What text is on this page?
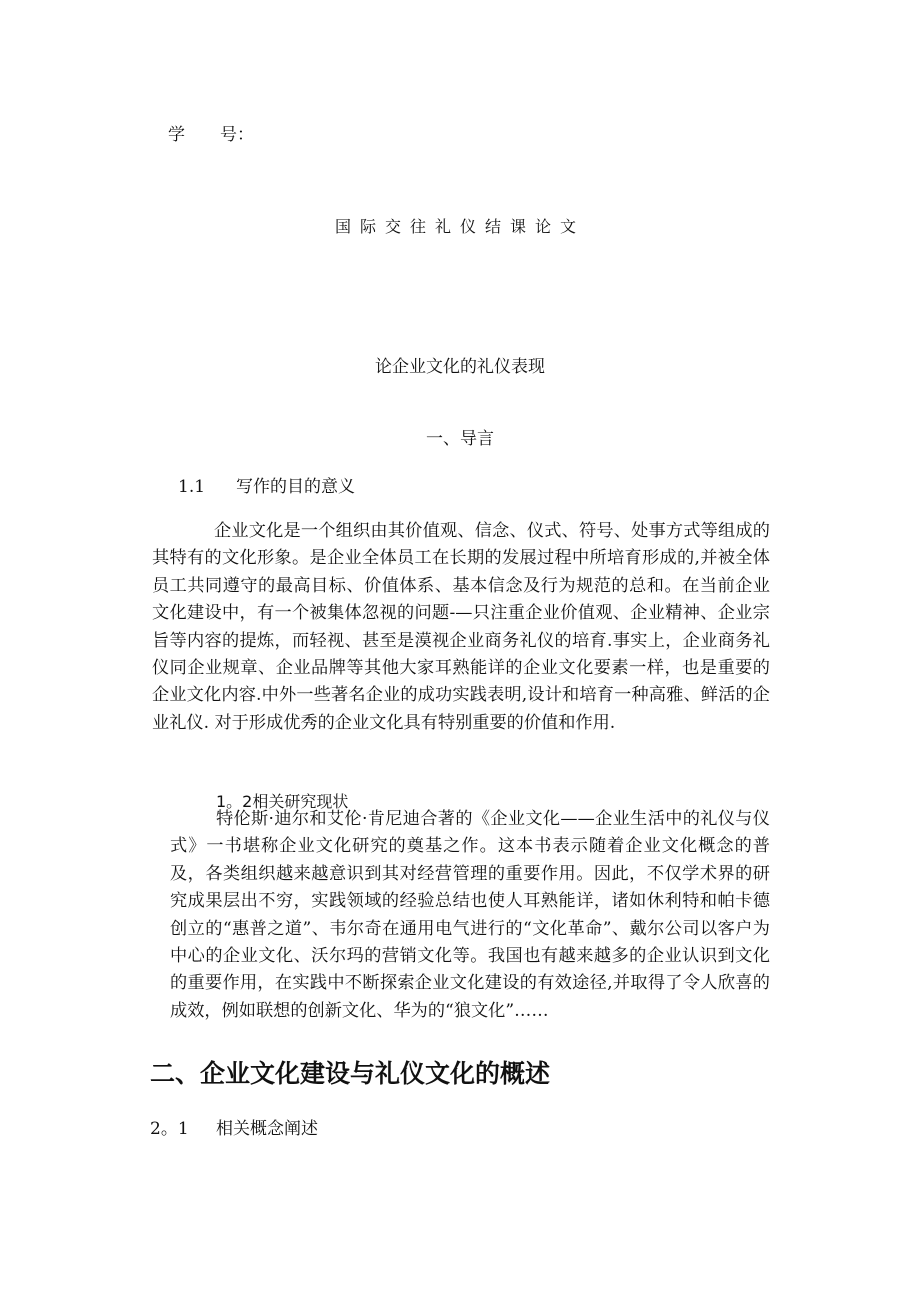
学 号：
国际交往礼仪结课论文
论企业文化的礼仪表现
一、导言
1.1 写作的目的意义

企业文化是一个组织由其价值观、信念、仪式、符号、处事方式等组成的其特有的文化形象。是企业全体员工在长期的发展过程中所培育形成的,并被全体员工共同遵守的最高目标、价值体系、基本信念及行为规范的总和。在当前企业文化建设中，有一个被集体忽视的问题-—只注重企业价值观、企业精神、企业宗旨等内容的提炼，而轻视、甚至是漠视企业商务礼仪的培育.事实上，企业商务礼仪同企业规章、企业品牌等其他大家耳熟能详的企业文化要素一样，也是重要的企业文化内容.中外一些著名企业的成功实践表明,设计和培育一种高雅、鲜活的企业礼仪. 对于形成优秀的企业文化具有特别重要的价值和作用.

1。2相关研究现状

特伦斯·迪尔和艾伦·肯尼迪合著的《企业文化——企业生活中的礼仪与仪式》一书堪称企业文化研究的奠基之作。这本书表示随着企业文化概念的普及，各类组织越来越意识到其对经营管理的重要作用。因此，不仅学术界的研究成果层出不穷，实践领域的经验总结也使人耳熟能详，诸如休利特和帕卡德创立的“惠普之道”、韦尔奇在通用电气进行的“文化革命”、戴尔公司以客户为中心的企业文化、沃尔玛的营销文化等。我国也有越来越多的企业认识到文化的重要作用，在实践中不断探索企业文化建设的有效途径,并取得了令人欣喜的成效，例如联想的创新文化、华为的“狼文化”……

二、企业文化建设与礼仪文化的概述
2。1 相关概念阐述
